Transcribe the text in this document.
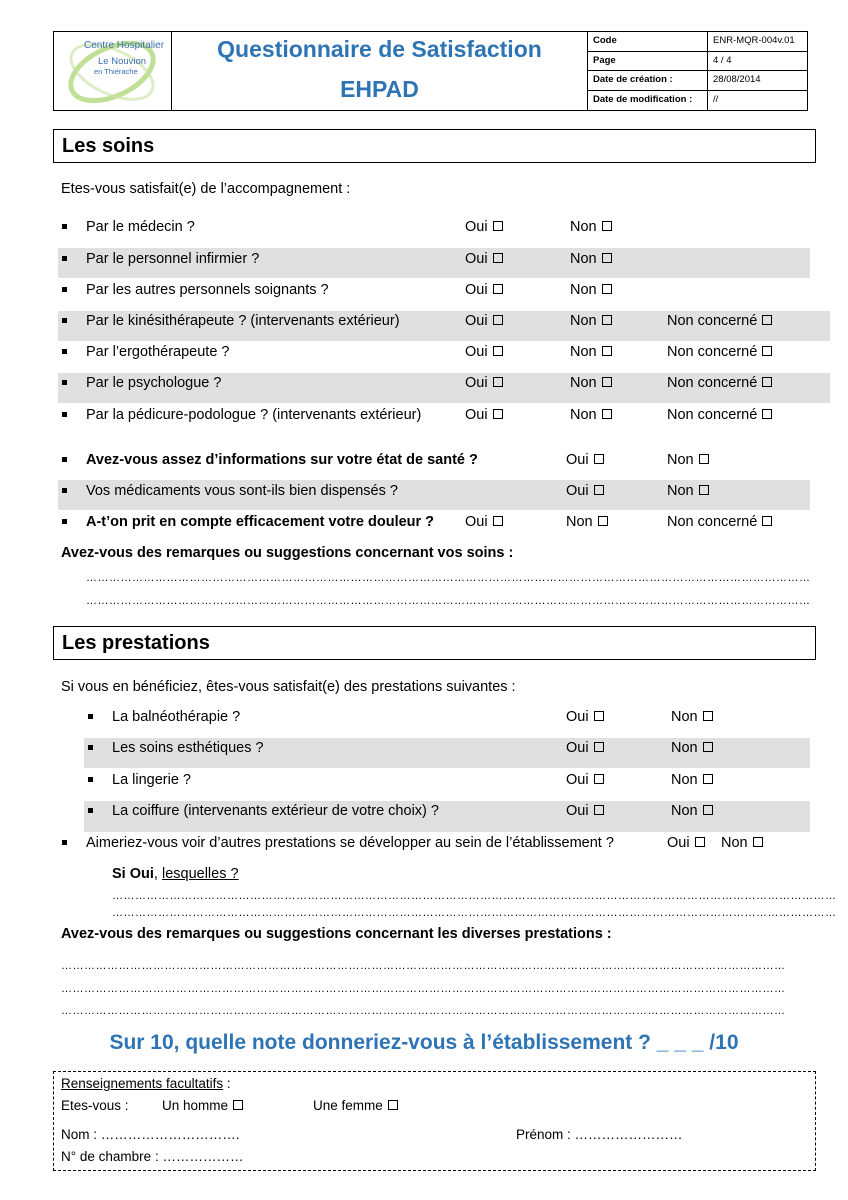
Centre Hospitalier
Le Nouvion
en Thiérache
Questionnaire de Satisfaction
EHPAD
Code	ENR-MQR-004v.01
Page	4 / 4
Date de création :	28/08/2014
Date de modification : //
Les soins
Etes-vous satisfait(e) de l’accompagnement :
Par le médecin ?	Oui	Non
Par le personnel infirmier ?	Oui	Non
Par les autres personnels soignants ?	Oui	Non
Par le kinésithérapeute ? (intervenants extérieur)	Oui	Non	Non concerné
Par l’ergothérapeute ?	Oui	Non	Non concerné
Par le psychologue ?	Oui	Non	Non concerné
Par la pédicure-podologue ? (intervenants extérieur)	Oui	Non	Non concerné
Avez-vous assez d’informations sur votre état de santé ?	Oui	Non
Vos médicaments vous sont-ils bien dispensés ?	Oui	Non
A-t’on prit en compte efficacement votre douleur ? Oui	Non	Non concerné
Avez-vous des remarques ou suggestions concernant vos soins :
………………………………………………………………………………………………………………………………………………………………………
………………………………………………………………………………………………………………………………………………………………………
Les prestations
Si vous en bénéficiez, êtes-vous satisfait(e) des prestations suivantes :
La balnéothérapie ?	Oui	Non
Les soins esthétiques ?	Oui	Non
La lingerie ?	Oui	Non
La coiffure (intervenants extérieur de votre choix) ?	Oui	Non
Aimeriez-vous voir d’autres prestations se développer au sein de l’établissement ?	Oui	Non
Si Oui, lesquelles ?
………………………………………………………………………………………………………………………………………………………………………
………………………………………………………………………………………………………………………………………………………………………
Avez-vous des remarques ou suggestions concernant les diverses prestations :
………………………………………………………………………………………………………………………………………………………………………
………………………………………………………………………………………………………………………………………………………………………
………………………………………………………………………………………………………………………………………………………………………
Sur 10, quelle note donneriez-vous à l’établissement ? _ _ _ /10
Renseignements facultatifs :
Etes-vous : Un homme	Une femme
Nom : ………………………….	Prénom : ……………………
N° de chambre : ………………
